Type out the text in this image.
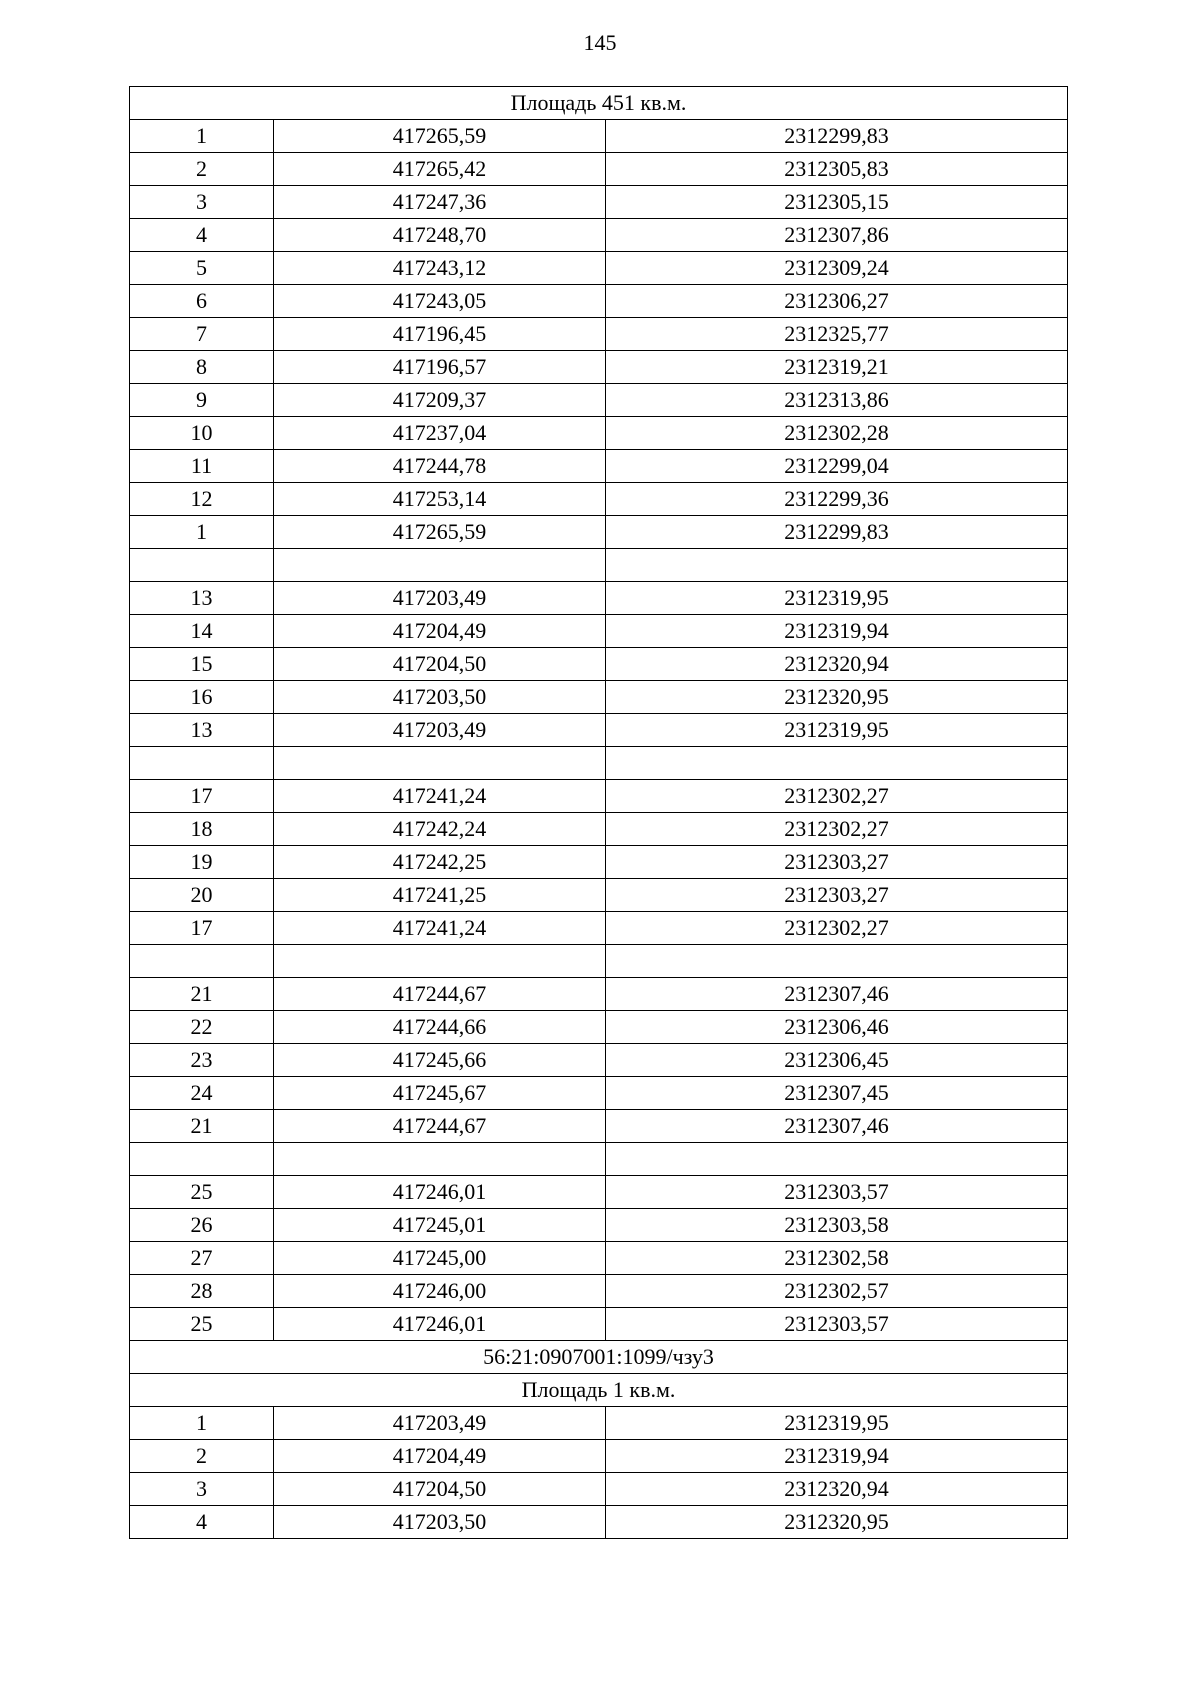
145
Площадь 451 кв.м.		
1	417265,59	2312299,83
2	417265,42	2312305,83
3	417247,36	2312305,15
4	417248,70	2312307,86
5	417243,12	2312309,24
6	417243,05	2312306,27
7	417196,45	2312325,77
8	417196,57	2312319,21
9	417209,37	2312313,86
10	417237,04	2312302,28
11	417244,78	2312299,04
12	417253,14	2312299,36
1	417265,59	2312299,83

13	417203,49	2312319,95
14	417204,49	2312319,94
15	417204,50	2312320,94
16	417203,50	2312320,95
13	417203,49	2312319,95

17	417241,24	2312302,27
18	417242,24	2312302,27
19	417242,25	2312303,27
20	417241,25	2312303,27
17	417241,24	2312302,27

21	417244,67	2312307,46
22	417244,66	2312306,46
23	417245,66	2312306,45
24	417245,67	2312307,45
21	417244,67	2312307,46

25	417246,01	2312303,57
26	417245,01	2312303,58
27	417245,00	2312302,58
28	417246,00	2312302,57
25	417246,01	2312303,57
56:21:0907001:1099/чзу3		
Площадь 1 кв.м.		
1	417203,49	2312319,95
2	417204,49	2312319,94
3	417204,50	2312320,94
4	417203,50	2312320,95
